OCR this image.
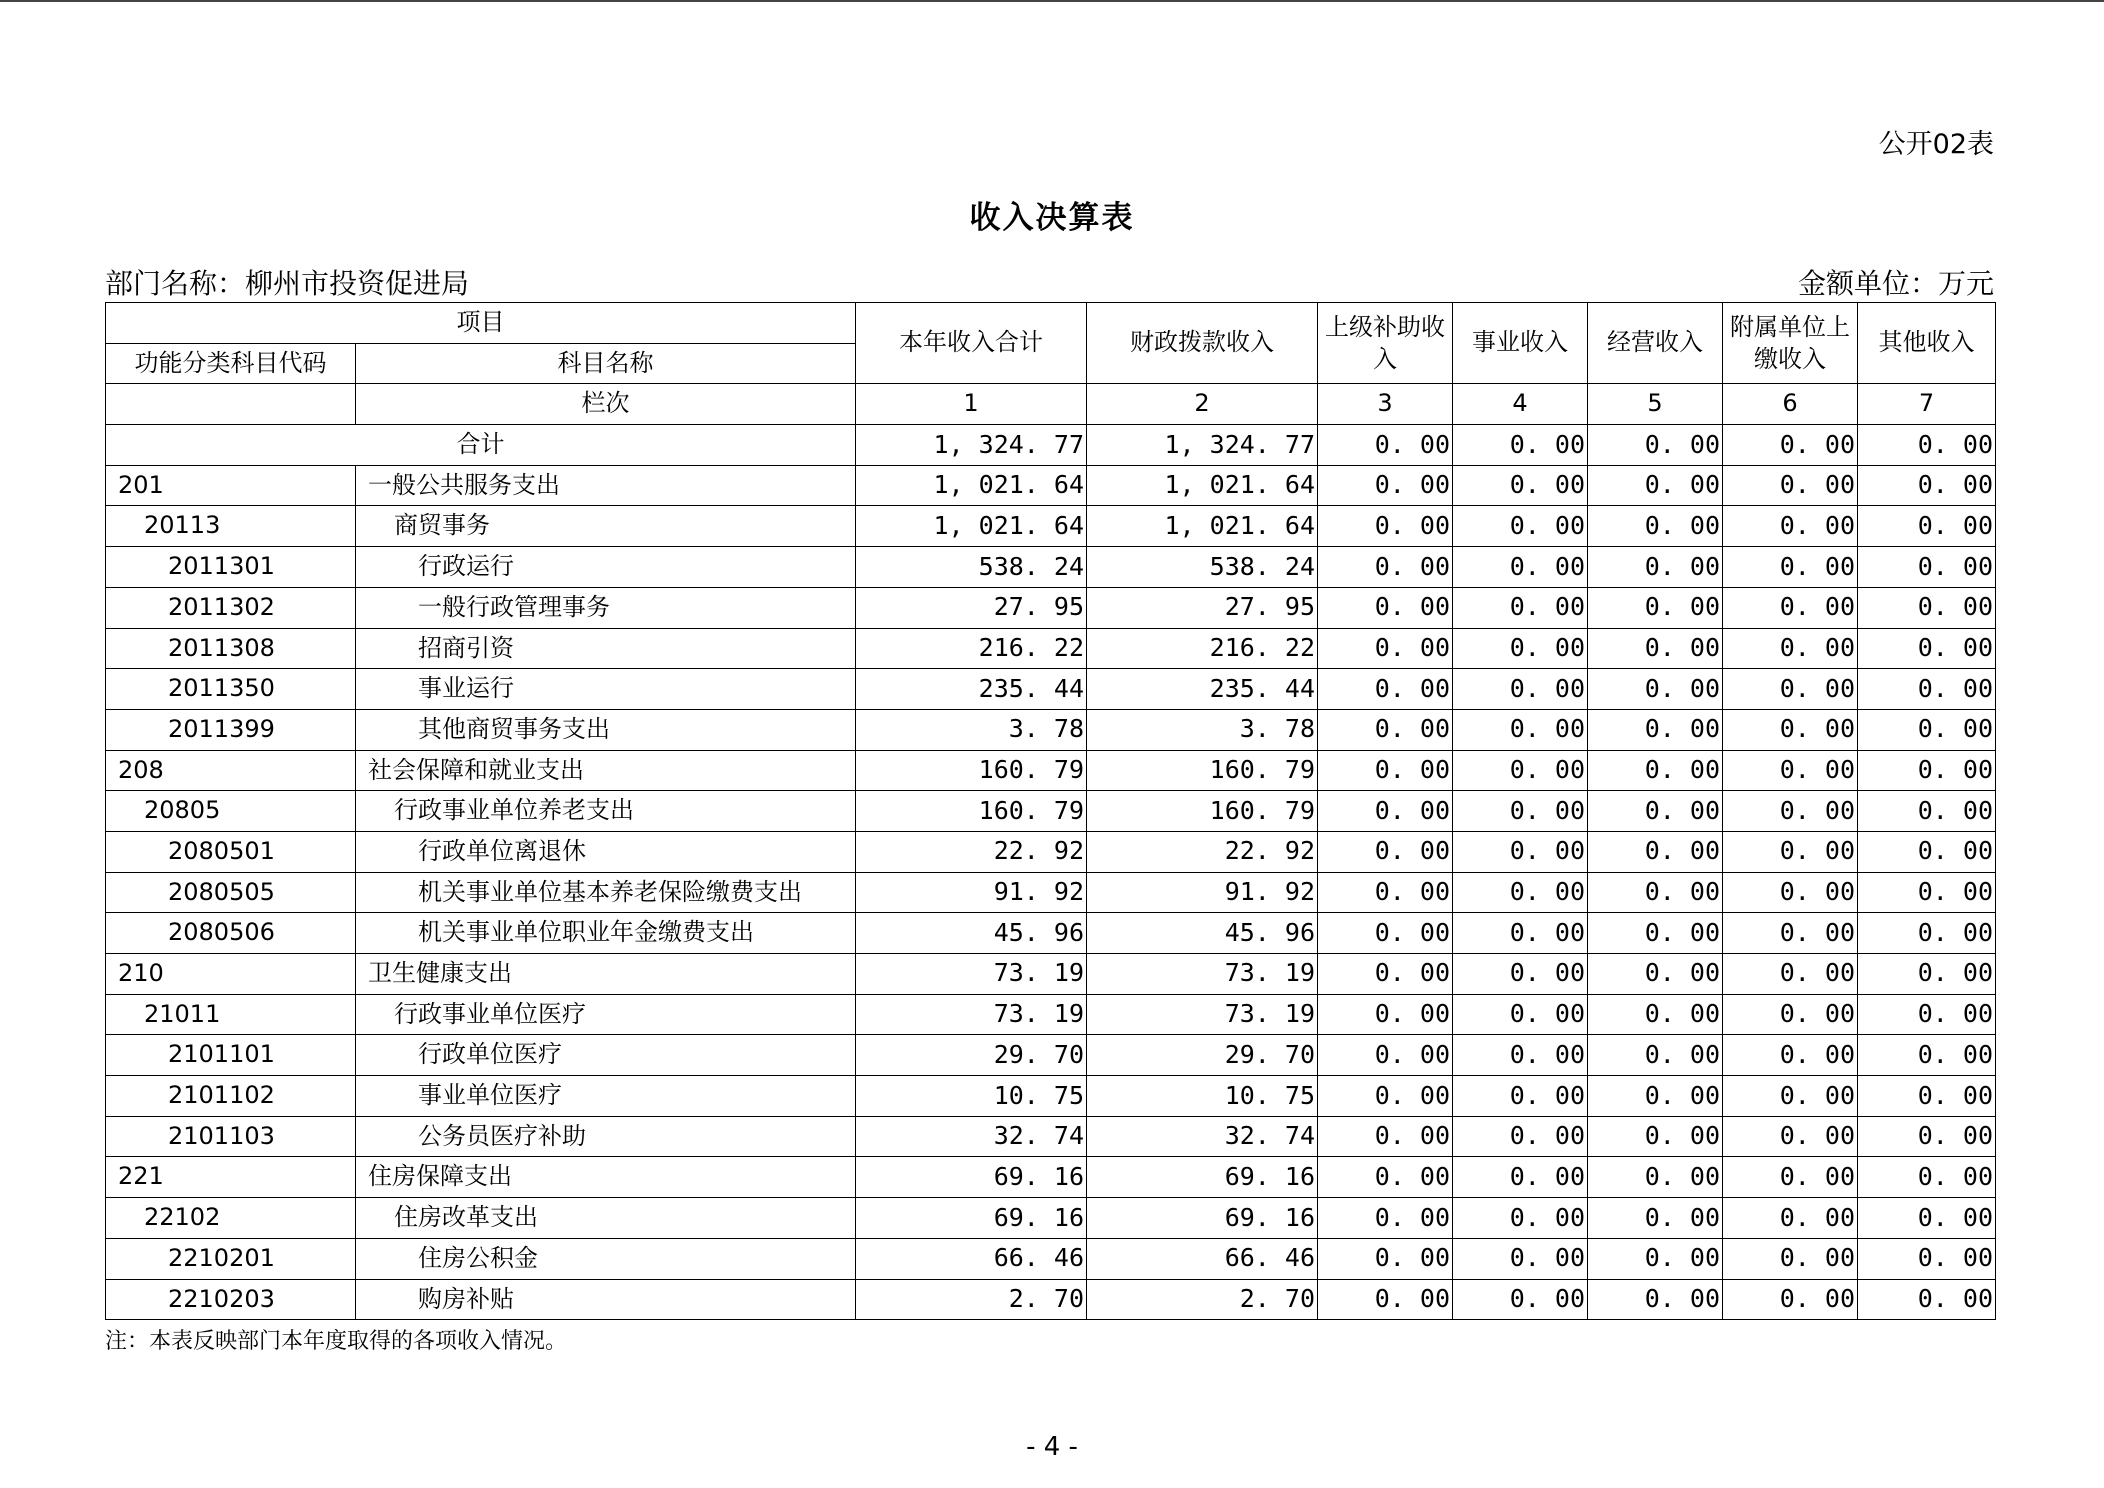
公开02表
收入决算表
部门名称：柳州市投资促进局	金额单位：万元
项目		本年收入合计	财政拨款收入	上级补助收入	事业收入	经营收入	附属单位上缴收入	其他收入
功能分类科目代码	科目名称							
	栏次	1	2	3	4	5	6	7
合计		1, 324. 77	1, 324. 77	0. 00	0. 00	0. 00	0. 00	0. 00
201	一般公共服务支出	1, 021. 64	1, 021. 64	0. 00	0. 00	0. 00	0. 00	0. 00
20113	商贸事务	1, 021. 64	1, 021. 64	0. 00	0. 00	0. 00	0. 00	0. 00
2011301	行政运行	538. 24	538. 24	0. 00	0. 00	0. 00	0. 00	0. 00
2011302	一般行政管理事务	27. 95	27. 95	0. 00	0. 00	0. 00	0. 00	0. 00
2011308	招商引资	216. 22	216. 22	0. 00	0. 00	0. 00	0. 00	0. 00
2011350	事业运行	235. 44	235. 44	0. 00	0. 00	0. 00	0. 00	0. 00
2011399	其他商贸事务支出	3. 78	3. 78	0. 00	0. 00	0. 00	0. 00	0. 00
208	社会保障和就业支出	160. 79	160. 79	0. 00	0. 00	0. 00	0. 00	0. 00
20805	行政事业单位养老支出	160. 79	160. 79	0. 00	0. 00	0. 00	0. 00	0. 00
2080501	行政单位离退休	22. 92	22. 92	0. 00	0. 00	0. 00	0. 00	0. 00
2080505	机关事业单位基本养老保险缴费支出	91. 92	91. 92	0. 00	0. 00	0. 00	0. 00	0. 00
2080506	机关事业单位职业年金缴费支出	45. 96	45. 96	0. 00	0. 00	0. 00	0. 00	0. 00
210	卫生健康支出	73. 19	73. 19	0. 00	0. 00	0. 00	0. 00	0. 00
21011	行政事业单位医疗	73. 19	73. 19	0. 00	0. 00	0. 00	0. 00	0. 00
2101101	行政单位医疗	29. 70	29. 70	0. 00	0. 00	0. 00	0. 00	0. 00
2101102	事业单位医疗	10. 75	10. 75	0. 00	0. 00	0. 00	0. 00	0. 00
2101103	公务员医疗补助	32. 74	32. 74	0. 00	0. 00	0. 00	0. 00	0. 00
221	住房保障支出	69. 16	69. 16	0. 00	0. 00	0. 00	0. 00	0. 00
22102	住房改革支出	69. 16	69. 16	0. 00	0. 00	0. 00	0. 00	0. 00
2210201	住房公积金	66. 46	66. 46	0. 00	0. 00	0. 00	0. 00	0. 00
2210203	购房补贴	2. 70	2. 70	0. 00	0. 00	0. 00	0. 00	0. 00
注：本表反映部门本年度取得的各项收入情况。
- 4 -
